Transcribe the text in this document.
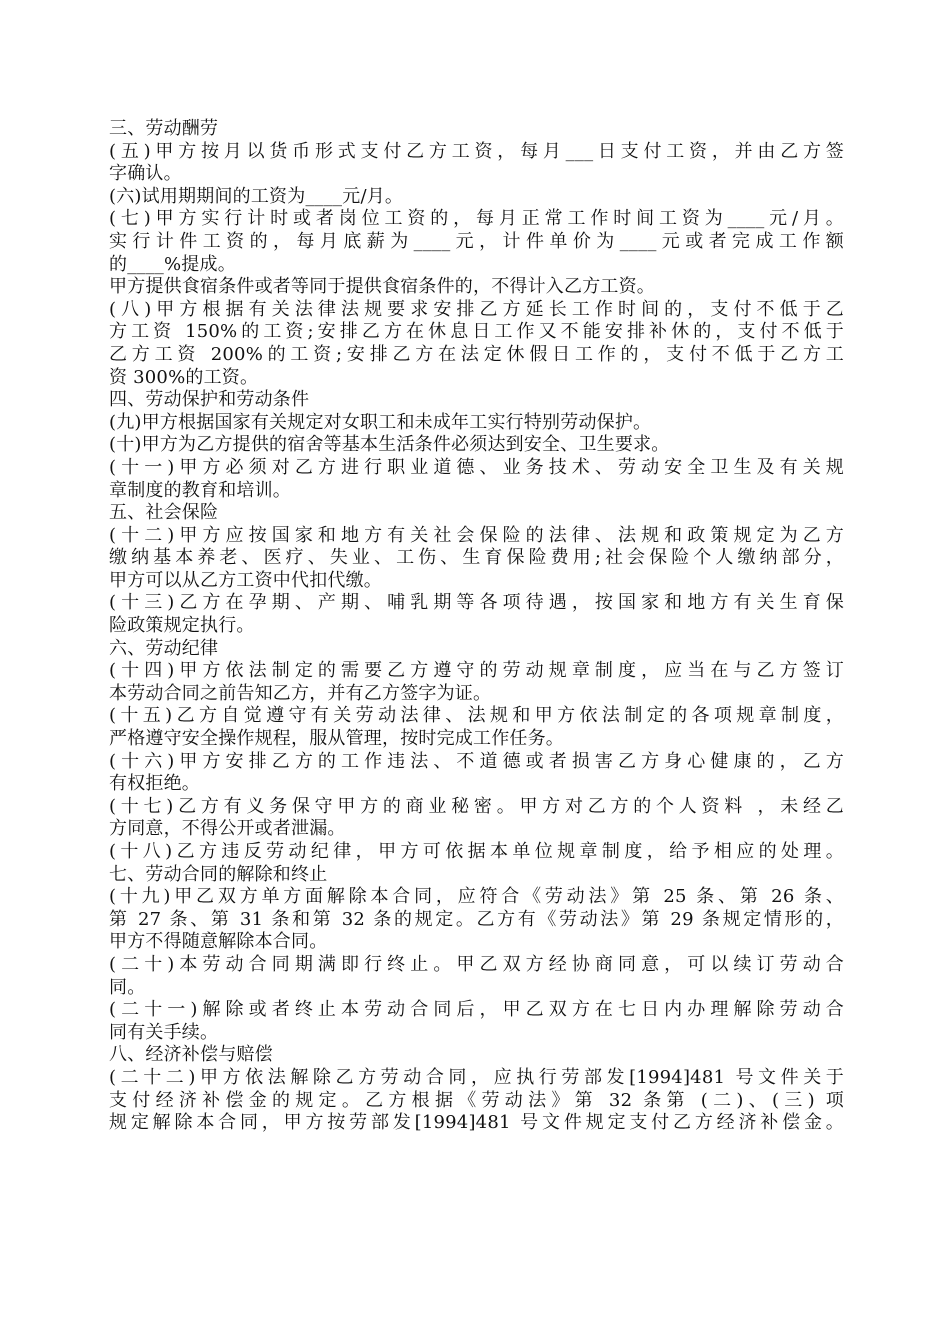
三、劳动酬劳
(五)甲方按月以货币形式支付乙方工资，每月___日支付工资，并由乙方签
字确认。
(六)试用期期间的工资为____元/月。
(七)甲方实行计时或者岗位工资的，每月正常工作时间工资为____元/月。
实行计件工资的，每月底薪为____元，计件单价为____元或者完成工作额
的____%提成。
甲方提供食宿条件或者等同于提供食宿条件的，不得计入乙方工资。
(八)甲方根据有关法律法规要求安排乙方延长工作时间的，支付不低于乙
方工资 150%的工资;安排乙方在休息日工作又不能安排补休的，支付不低于
乙方工资 200%的工资;安排乙方在法定休假日工作的，支付不低于乙方工
资 300%的工资。
四、劳动保护和劳动条件
(九)甲方根据国家有关规定对女职工和未成年工实行特别劳动保护。
(十)甲方为乙方提供的宿舍等基本生活条件必须达到安全、卫生要求。
(十一)甲方必须对乙方进行职业道德、业务技术、劳动安全卫生及有关规
章制度的教育和培训。
五、社会保险
(十二)甲方应按国家和地方有关社会保险的法律、法规和政策规定为乙方
缴纳基本养老、医疗、失业、工伤、生育保险费用;社会保险个人缴纳部分，
甲方可以从乙方工资中代扣代缴。
(十三)乙方在孕期、产期、哺乳期等各项待遇，按国家和地方有关生育保
险政策规定执行。
六、劳动纪律
(十四)甲方依法制定的需要乙方遵守的劳动规章制度，应当在与乙方签订
本劳动合同之前告知乙方，并有乙方签字为证。
(十五)乙方自觉遵守有关劳动法律、法规和甲方依法制定的各项规章制度，
严格遵守安全操作规程，服从管理，按时完成工作任务。
(十六)甲方安排乙方的工作违法、不道德或者损害乙方身心健康的，乙方
有权拒绝。
(十七)乙方有义务保守甲方的商业秘密。甲方对乙方的个人资料 ，未经乙
方同意，不得公开或者泄漏。
(十八)乙方违反劳动纪律，甲方可依据本单位规章制度，给予相应的处理。
七、劳动合同的解除和终止
(十九)甲乙双方单方面解除本合同，应符合《劳动法》第 25 条、第 26 条、
第 27 条、第 31 条和第 32 条的规定。乙方有《劳动法》第 29 条规定情形的，
甲方不得随意解除本合同。
(二十)本劳动合同期满即行终止。甲乙双方经协商同意，可以续订劳动合
同。
(二十一)解除或者终止本劳动合同后，甲乙双方在七日内办理解除劳动合
同有关手续。
八、经济补偿与赔偿
(二十二)甲方依法解除乙方劳动合同，应执行劳部发[1994]481 号文件关于
支付经济补偿金的规定。乙方根据《劳动法》第 32 条第 (二)、(三) 项
规定解除本合同，甲方按劳部发[1994]481 号文件规定支付乙方经济补偿金。
